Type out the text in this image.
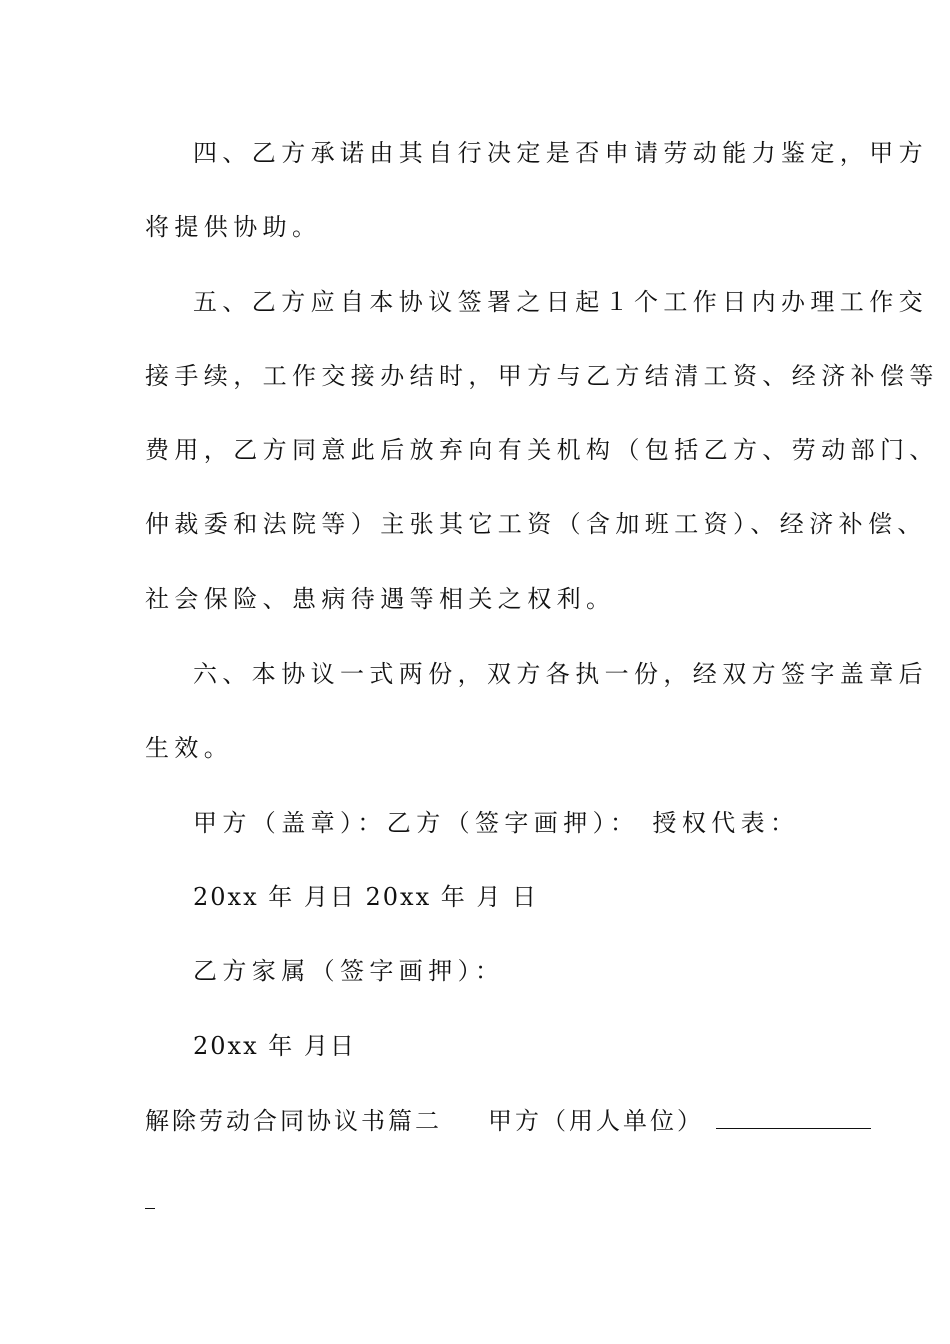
四、乙方承诺由其自行决定是否申请劳动能力鉴定，甲方
将提供协助。
五、乙方应自本协议签署之日起１个工作日内办理工作交
接手续，工作交接办结时，甲方与乙方结清工资、经济补偿等
费用，乙方同意此后放弃向有关机构（包括乙方、劳动部门、
仲裁委和法院等）主张其它工资（含加班工资）、经济补偿、
社会保险、患病待遇等相关之权利。
六、本协议一式两份，双方各执一份，经双方签字盖章后
生效。
甲方（盖章）：乙方（签字画押）： 授权代表：
20xx 年 月日 20xx 年 月 日
乙方家属（签字画押）：
20xx 年 月日
解除劳动合同协议书篇二 甲方（用人单位）
